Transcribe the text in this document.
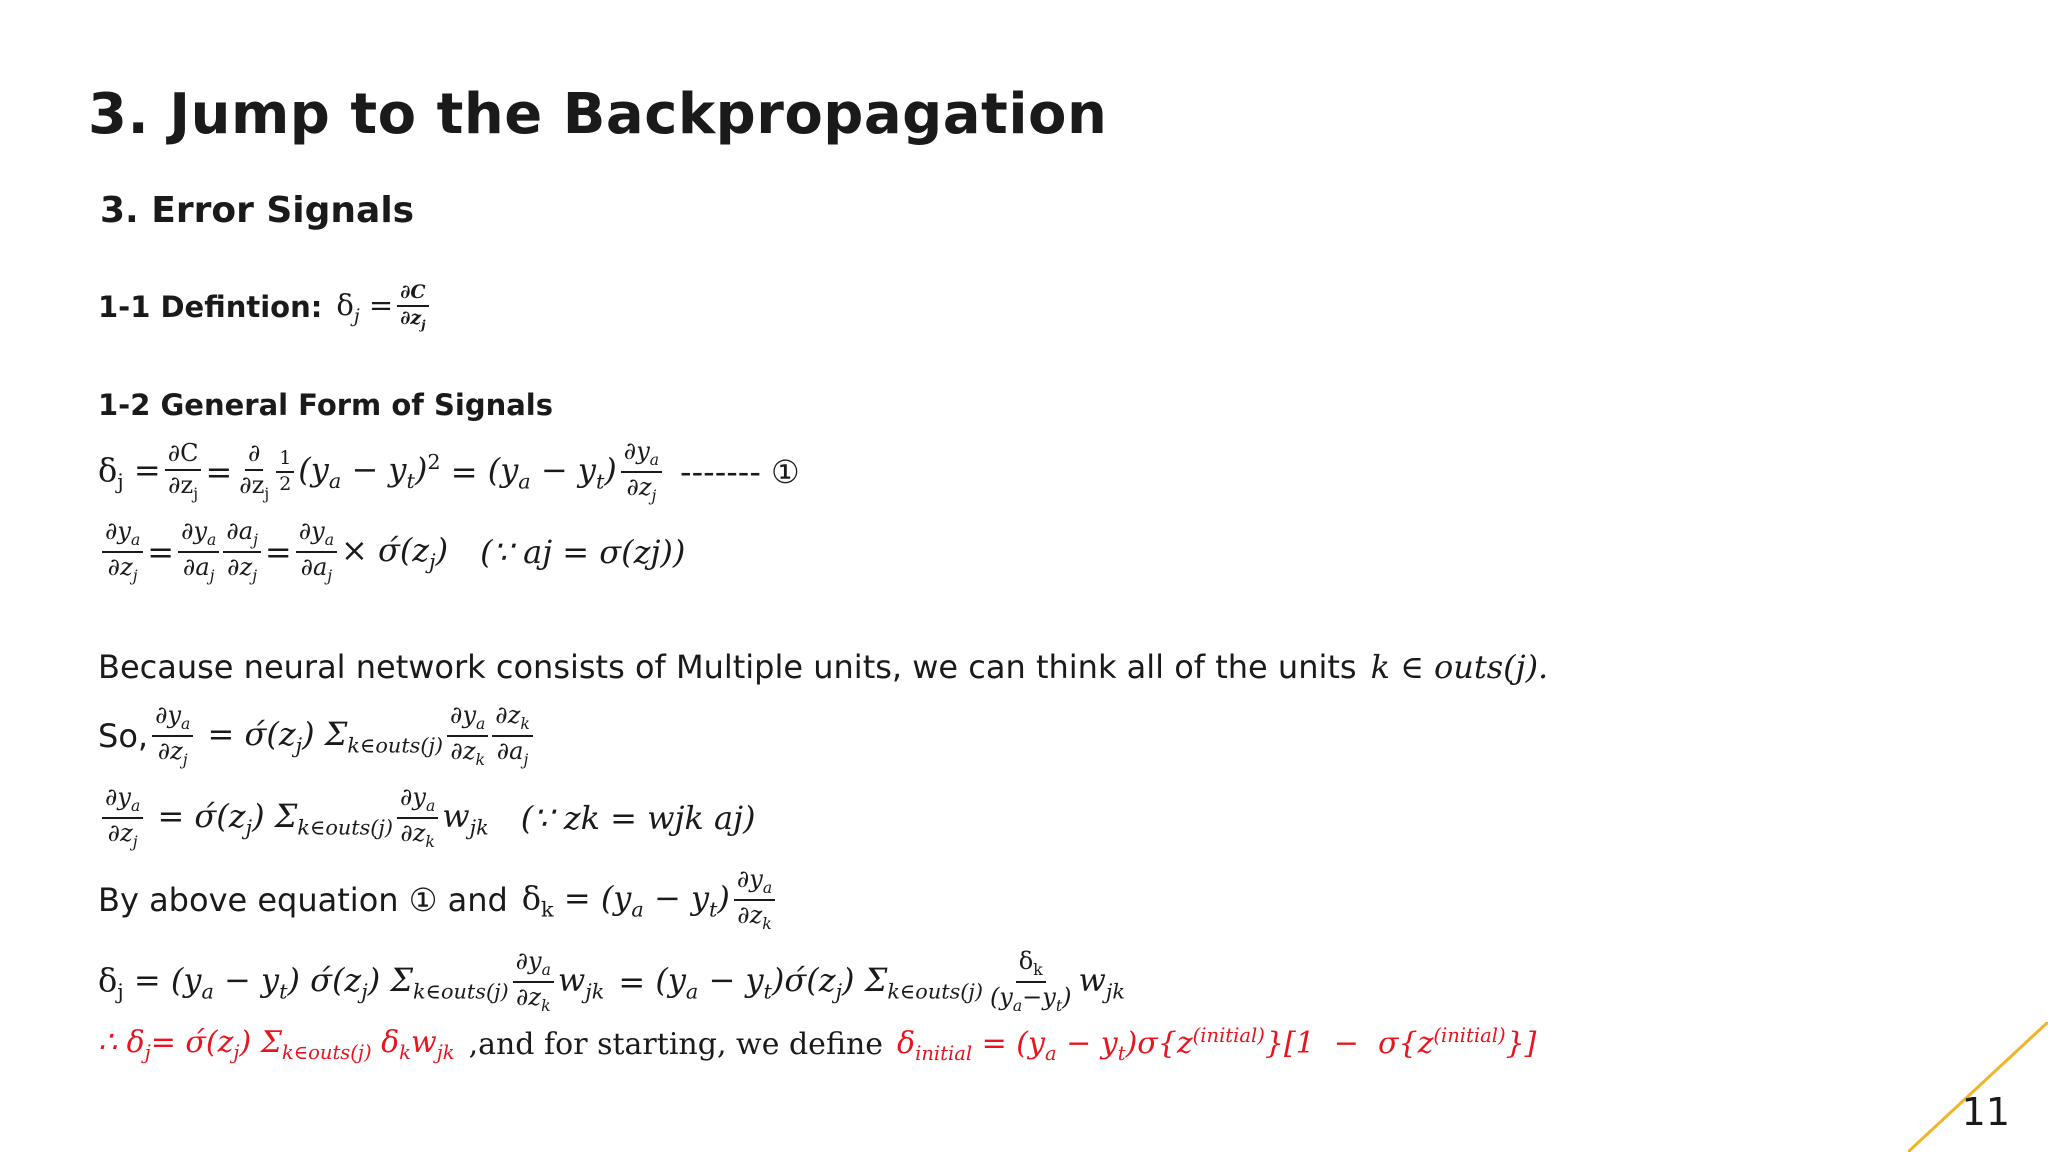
3. Jump to the Backpropagation
3. Error Signals
1-1 Defintion: $\delta_j = \frac{\partial C}{\partial z_j}$
1-2 General Form of Signals
$\delta_j = \frac{\partial C}{\partial z_j} = \frac{\partial}{\partial z_j} \frac{1}{2} (y_a - y_t)^2 = (y_a - y_t) \frac{\partial y_a}{\partial z_j}$ ------- ①
$\frac{\partial y_a}{\partial z_j} = \frac{\partial y_a}{\partial a_j} \frac{\partial a_j}{\partial z_j} = \frac{\partial y_a}{\partial a_j}$ × $\sigmá(z_j)$ (∵ aj = σ(zj))
Because neural network consists of Multiple units, we can think all of the units k ∈ outs(j).
So, $\frac{\partial y_a}{\partial z_j}$ = $\sigmá(z_j)$ $\Sigma_{k\in outs(j)} \frac{\partial y_a}{\partial z_k} \frac{\partial z_k}{\partial a_j}$
$\frac{\partial y_a}{\partial z_j}$ = $\sigmá(z_j)$ $\Sigma_{k\in outs(j)} \frac{\partial y_a}{\partial z_k} w_{jk}$ (∵ zk = wjk aj)
By above equation ① and $\delta_k = (y_a - y_t) \frac{\partial y_a}{\partial z_k}$
$\delta_j = (y_a - y_t)$ $\sigmá(z_j)$ $\Sigma_{k\in outs(j)} \frac{\partial y_a}{\partial z_k} w_{jk} = (y_a$ − $y_t)\sigmá(z_j)$ $\Sigma_{k\in outs(j)} \frac{\delta_k}{(y_a-y_t)} w_{jk}$
∴ $\delta_j=$ $\sigmá(z_j)$ $\Sigma_{k\in outs(j)}$ $\delta_kw_{jk}$ ,and for starting, we define $\delta_{initial} = (y_a - y_t)\sigma\{z^{(initial)}\}[1 - \sigma\{z^{(initial)}\}]$
11
